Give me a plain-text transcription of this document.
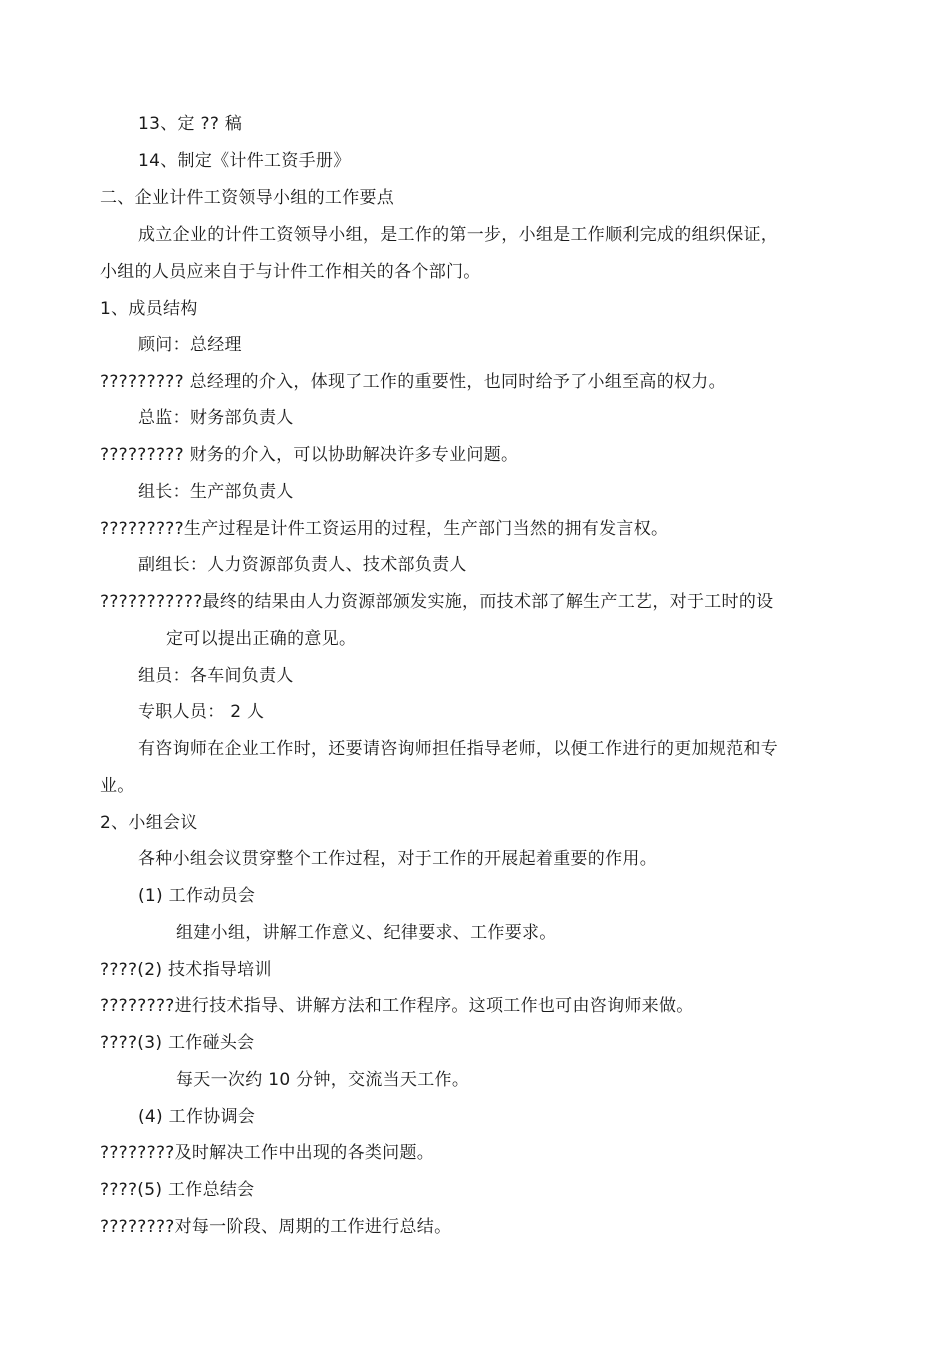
13、定 ?? 稿
14、制定《计件工资手册》
二、企业计件工资领导小组的工作要点
成立企业的计件工资领导小组，是工作的第一步，小组是工作顺利完成的组织保证，
小组的人员应来自于与计件工作相关的各个部门。
1、成员结构
顾问：总经理
????????? 总经理的介入，体现了工作的重要性，也同时给予了小组至高的权力。
总监：财务部负责人
????????? 财务的介入，可以协助解决许多专业问题。
组长：生产部负责人
?????????生产过程是计件工资运用的过程，生产部门当然的拥有发言权。
副组长：人力资源部负责人、技术部负责人
???????????最终的结果由人力资源部颁发实施，而技术部了解生产工艺，对于工时的设
定可以提出正确的意见。
组员：各车间负责人
专职人员： 2 人
有咨询师在企业工作时，还要请咨询师担任指导老师，以便工作进行的更加规范和专
业。
2、小组会议
各种小组会议贯穿整个工作过程，对于工作的开展起着重要的作用。
(1) 工作动员会
组建小组，讲解工作意义、纪律要求、工作要求。
????(2) 技术指导培训
????????进行技术指导、讲解方法和工作程序。这项工作也可由咨询师来做。
????(3) 工作碰头会
每天一次约 10 分钟，交流当天工作。
(4) 工作协调会
????????及时解决工作中出现的各类问题。
????(5) 工作总结会
????????对每一阶段、周期的工作进行总结。
